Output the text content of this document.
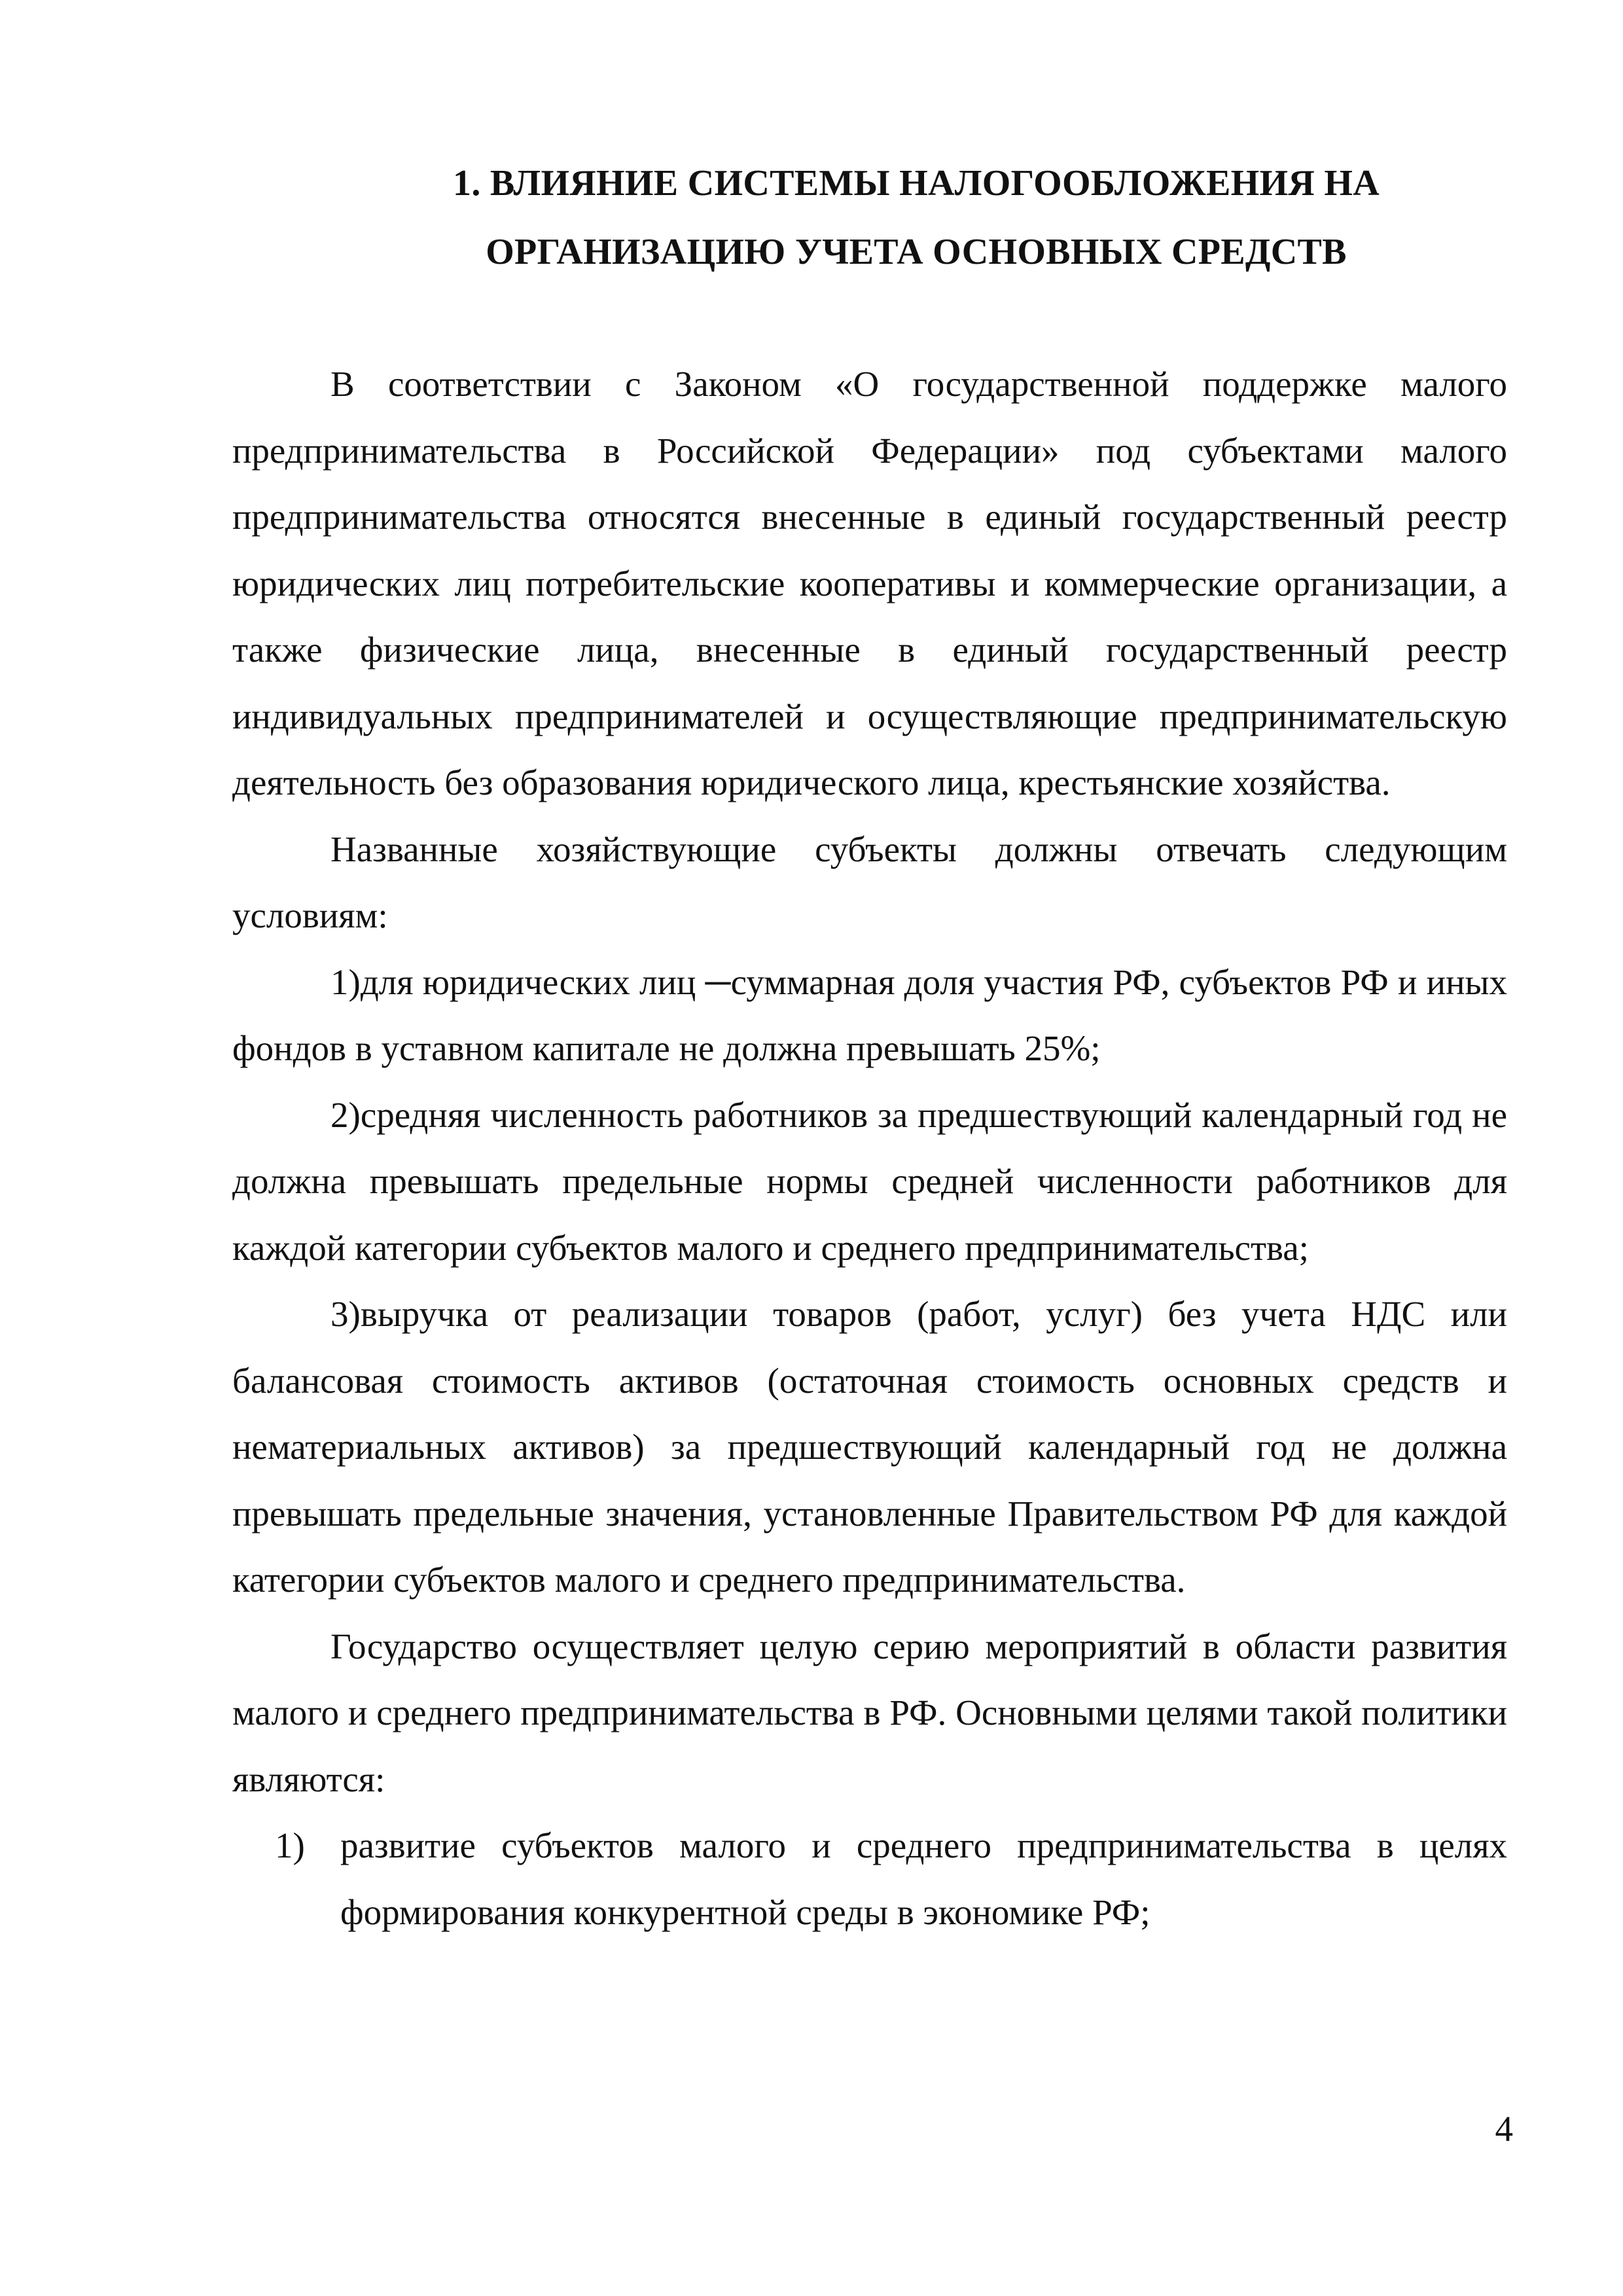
1. ВЛИЯНИЕ СИСТЕМЫ НАЛОГООБЛОЖЕНИЯ НА
ОРГАНИЗАЦИЮ УЧЕТА ОСНОВНЫХ СРЕДСТВ

В соответствии с Законом «О государственной поддержке малого предпринимательства в Российской Федерации» под субъектами малого предпринимательства относятся внесенные в единый государственный реестр юридических лиц потребительские кооперативы и коммерческие организации, а также физические лица, внесенные в единый государственный реестр индивидуальных предпринимателей и осуществляющие предпринимательскую деятельность без образования юридического лица, крестьянские хозяйства.

Названные хозяйствующие субъекты должны отвечать следующим условиям:

1)для юридических лиц ─суммарная доля участия РФ, субъектов РФ и иных фондов в уставном капитале не должна превышать 25%;

2)средняя численность работников за предшествующий календарный год не должна превышать предельные нормы средней численности работников для каждой категории субъектов малого и среднего предпринимательства;

3)выручка от реализации товаров (работ, услуг) без учета НДС или балансовая стоимость активов (остаточная стоимость основных средств и нематериальных активов) за предшествующий календарный год не должна превышать предельные значения, установленные Правительством РФ для каждой категории субъектов малого и среднего предпринимательства.

Государство осуществляет целую серию мероприятий в области развития малого и среднего предпринимательства в РФ. Основными целями такой политики являются:

1) развитие субъектов малого и среднего предпринимательства в целях формирования конкурентной среды в экономике РФ;
4
